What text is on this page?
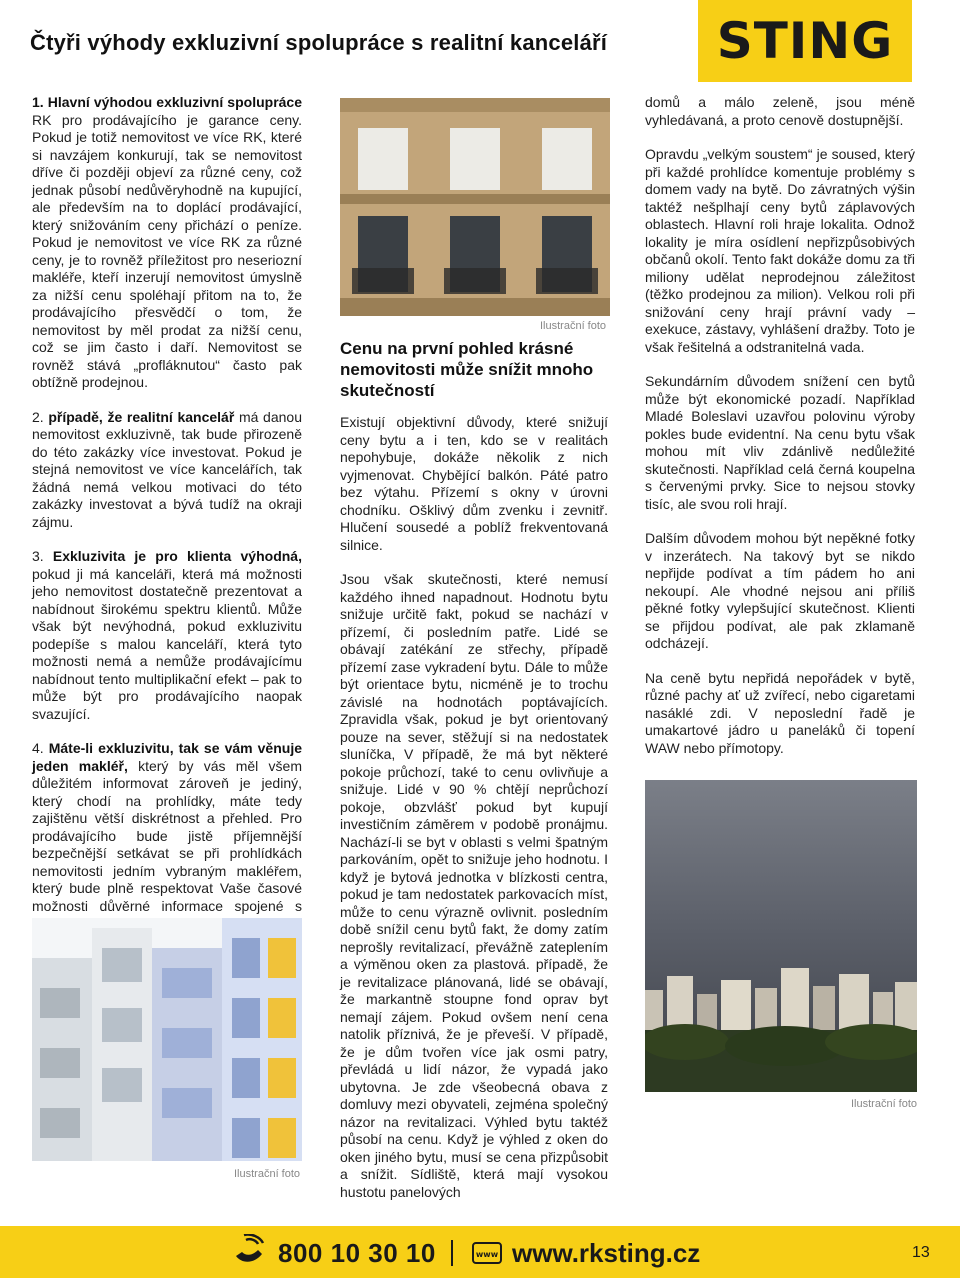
Čtyři výhody exkluzivní spolupráce s realitní kanceláří STING

1. Hlavní výhodou exkluzivní spolupráce RK pro prodávajícího je garance ceny. Pokud je totiž nemovitost ve více RK, které si navzájem konkurují, tak se nemovitost dříve či později objeví za různé ceny, což jednak působí nedůvěryhodně na kupující, ale především na to doplácí prodávající, který snižováním ceny přichází o peníze. Pokud je nemovitost ve více RK za různé ceny, je to rovněž příležitost pro neseriozní makléře, kteří inzerují nemovitost úmyslně za nižší cenu spoléhají přitom na to, že prodávajícího přesvědčí o tom, že nemovitost by měl prodat za nižší cenu, což se jim často i daří. Nemovitost se rovněž stává „profláknutou“ často pak obtížně prodejnou.

2. případě, že realitní kancelář má danou nemovitost exkluzivně, tak bude přirozeně do této zakázky více investovat. Pokud je stejná nemovitost ve více kancelářích, tak žádná nemá velkou motivaci do této zakázky investovat a bývá tudíž na okraji zájmu.

3. Exkluzivita je pro klienta výhodná, pokud ji má kanceláři, která má možnosti jeho nemovitost dostatečně prezentovat a nabídnout širokému spektru klientů. Může však být nevýhodná, pokud exkluzivitu podepíše s malou kanceláří, která tyto možnosti nemá a nemůže prodávajícímu nabídnout tento multiplikační efekt – pak to může být pro prodávajícího naopak svazující.

4. Máte-li exkluzivitu, tak se vám věnuje jeden makléř, který by vás měl všem důležitém informovat zároveň je jediný, který chodí na prohlídky, máte tedy zajištěnu větší diskrétnost a přehled. Pro prodávajícího bude jistě příjemnější bezpečnější setkávat se při prohlídkách nemovitosti jedním vybraným makléřem, který bude plně respektovat Vaše časové možnosti důvěrné informace spojené s

Ilustrační foto
Ilustrační foto
Cenu na první pohled krásné nemovitosti může snížit mnoho skutečností

Existují objektivní důvody, které snižují ceny bytu a i ten, kdo se v realitách nepohybuje, dokáže několik z nich vyjmenovat. Chybějící balkón. Páté patro bez výtahu. Přízemí s okny v úrovni chodníku. Ošklivý dům zvenku i zevnitř. Hlučení sousedé a poblíž frekventovaná silnice.

Jsou však skutečnosti, které nemusí každého ihned napadnout. Hodnotu bytu snižuje určitě fakt, pokud se nachází v přízemí, či posledním patře. Lidé se obávají zatékání ze střechy, případě přízemí zase vykradení bytu. Dále to může být orientace bytu, nicméně je to trochu závislé na hodnotách poptávajících. Zpravidla však, pokud je byt orientovaný pouze na sever, stěžují si na nedostatek sluníčka, V případě, že má byt některé pokoje průchozí, také to cenu ovlivňuje a snižuje. Lidé v 90 % chtějí neprůchozí pokoje, obzvlášť pokud byt kupují investičním záměrem v podobě pronájmu. Nachází-li se byt v oblasti s velmi špatným parkováním, opět to snižuje jeho hodnotu. I když je bytová jednotka v blízkosti centra, pokud je tam nedostatek parkovacích míst, může to cenu výrazně ovlivnit. posledním době snížil cenu bytů fakt, že domy zatím neprošly revitalizací, převážně zateplením a výměnou oken za plastová. případě, že je revitalizace plánovaná, lidé se obávají, že markantně stoupne fond oprav byt nemají zájem. Pokud ovšem není cena natolik příznivá, že je převeší. V případě, že je dům tvořen více jak osmi patry, převládá u lidí názor, že vypadá jako ubytovna. Je zde všeobecná obava z domluvy mezi obyvateli, zejména společný názor na revitalizaci. Výhled bytu taktéž působí na cenu. Když je výhled z oken do oken jiného bytu, musí se cena přizpůsobit a snížit. Sídliště, která mají vysokou hustotu panelových

domů a málo zeleně, jsou méně vyhledávaná, a proto cenově dostupnější.

Opravdu „velkým soustem“ je soused, který při každé prohlídce komentuje problémy s domem vady na bytě. Do závratných výšin taktéž nešplhají ceny bytů záplavových oblastech. Hlavní roli hraje lokalita. Odnož lokality je míra osídlení nepřizpůsobivých občanů okolí. Tento fakt dokáže domu za tři miliony udělat neprodejnou záležitost (těžko prodejnou za milion). Velkou roli při snižování ceny hrají právní vady – exekuce, zástavy, vyhlášení dražby. Toto je však řešitelná a odstranitelná vada.

Sekundárním důvodem snížení cen bytů může být ekonomické pozadí. Například Mladé Boleslavi uzavřou polovinu výroby pokles bude evidentní. Na cenu bytu však mohou mít vliv zdánlivě nedůležité skutečnosti. Například celá černá koupelna s červenými prvky. Sice to nejsou stovky tisíc, ale svou roli hrají.

Dalším důvodem mohou být nepěkné fotky v inzerátech. Na takový byt se nikdo nepřijde podívat a tím pádem ho ani nekoupí. Ale vhodné nejsou ani příliš pěkné fotky vylepšující skutečnost. Klienti se přijdou podívat, ale pak zklamaně odcházejí.

Na ceně bytu nepřidá nepořádek v bytě, různé pachy ať už zvířecí, nebo cigaretami nasáklé zdi. V neposlední řadě je umakartové jádro u paneláků či topení WAW nebo přímotopy.

Ilustrační foto
800 10 30 10	www www.rksting.cz	13
